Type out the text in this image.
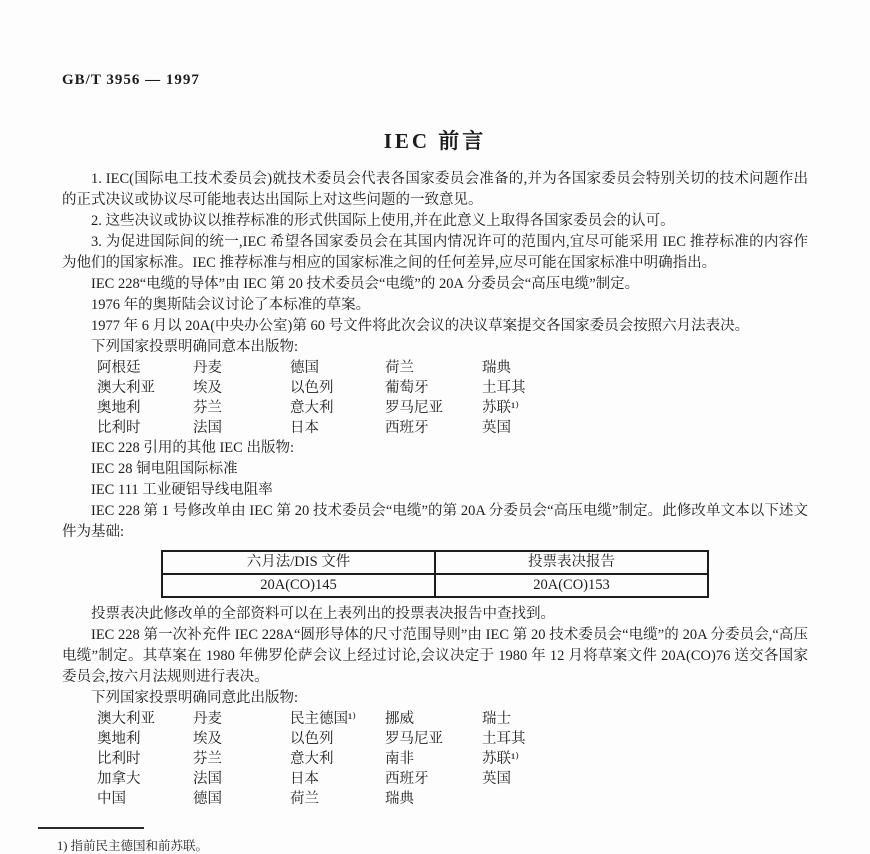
GB/T 3956 — 1997
IEC 前言

1. IEC(国际电工技术委员会)就技术委员会代表各国家委员会准备的,并为各国家委员会特别关切的技术问题作出的正式决议或协议尽可能地表达出国际上对这些问题的一致意见。

2. 这些决议或协议以推荐标准的形式供国际上使用,并在此意义上取得各国家委员会的认可。

3. 为促进国际间的统一,IEC 希望各国家委员会在其国内情况许可的范围内,宜尽可能采用 IEC 推荐标准的内容作为他们的国家标准。IEC 推荐标准与相应的国家标准之间的任何差异,应尽可能在国家标准中明确指出。

IEC 228“电缆的导体”由 IEC 第 20 技术委员会“电缆”的 20A 分委员会“高压电缆”制定。

1976 年的奥斯陆会议讨论了本标准的草案。

1977 年 6 月以 20A(中央办公室)第 60 号文件将此次会议的决议草案提交各国家委员会按照六月法表决。

下列国家投票明确同意本出版物:

阿根廷	丹麦	德国	荷兰	瑞典
澳大利亚	埃及	以色列	葡萄牙	土耳其
奥地利	芬兰	意大利	罗马尼亚	苏联¹⁾
比利时	法国	日本	西班牙	英国

IEC 228 引用的其他 IEC 出版物:

IEC 28 铜电阻国际标准

IEC 111 工业硬铝导线电阻率

IEC 228 第 1 号修改单由 IEC 第 20 技术委员会“电缆”的第 20A 分委员会“高压电缆”制定。此修改单文本以下述文件为基础:

六月法/DIS 文件	投票表决报告
20A(CO)145	20A(CO)153

投票表决此修改单的全部资料可以在上表列出的投票表决报告中查找到。

IEC 228 第一次补充件 IEC 228A“圆形导体的尺寸范围导则”由 IEC 第 20 技术委员会“电缆”的 20A 分委员会,“高压电缆”制定。其草案在 1980 年佛罗伦萨会议上经过讨论,会议决定于 1980 年 12 月将草案文件 20A(CO)76 送交各国家委员会,按六月法规则进行表决。

下列国家投票明确同意此出版物:

澳大利亚	丹麦	民主德国¹⁾	挪威	瑞士
奥地利	埃及	以色列	罗马尼亚	土耳其
比利时	芬兰	意大利	南非	苏联¹⁾
加拿大	法国	日本	西班牙	英国
中国	德国	荷兰	瑞典
1) 指前民主德国和前苏联。
